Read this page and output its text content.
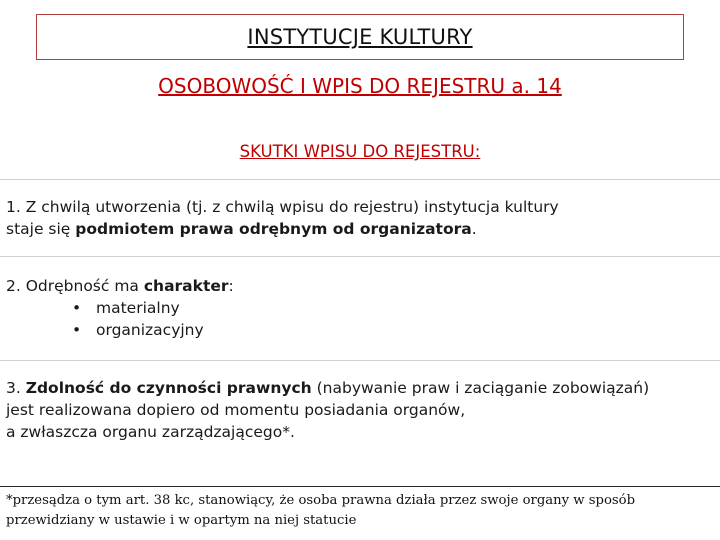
INSTYTUCJE KULTURY
OSOBOWOŚĆ I WPIS DO REJESTRU a. 14
SKUTKI WPISU DO REJESTRU:
1. Z chwilą utworzenia (tj. z chwilą wpisu do rejestru) instytucja kultury
staje się podmiotem prawa odrębnym od organizatora.
2. Odrębność ma charakter:
• materialny
• organizacyjny
3. Zdolność do czynności prawnych (nabywanie praw i zaciąganie zobowiązań)
jest realizowana dopiero od momentu posiadania organów,
a zwłaszcza organu zarządzającego*.
*przesądza o tym art. 38 kc, stanowiący, że osoba prawna działa przez swoje organy w sposób
przewidziany w ustawie i w opartym na niej statucie
